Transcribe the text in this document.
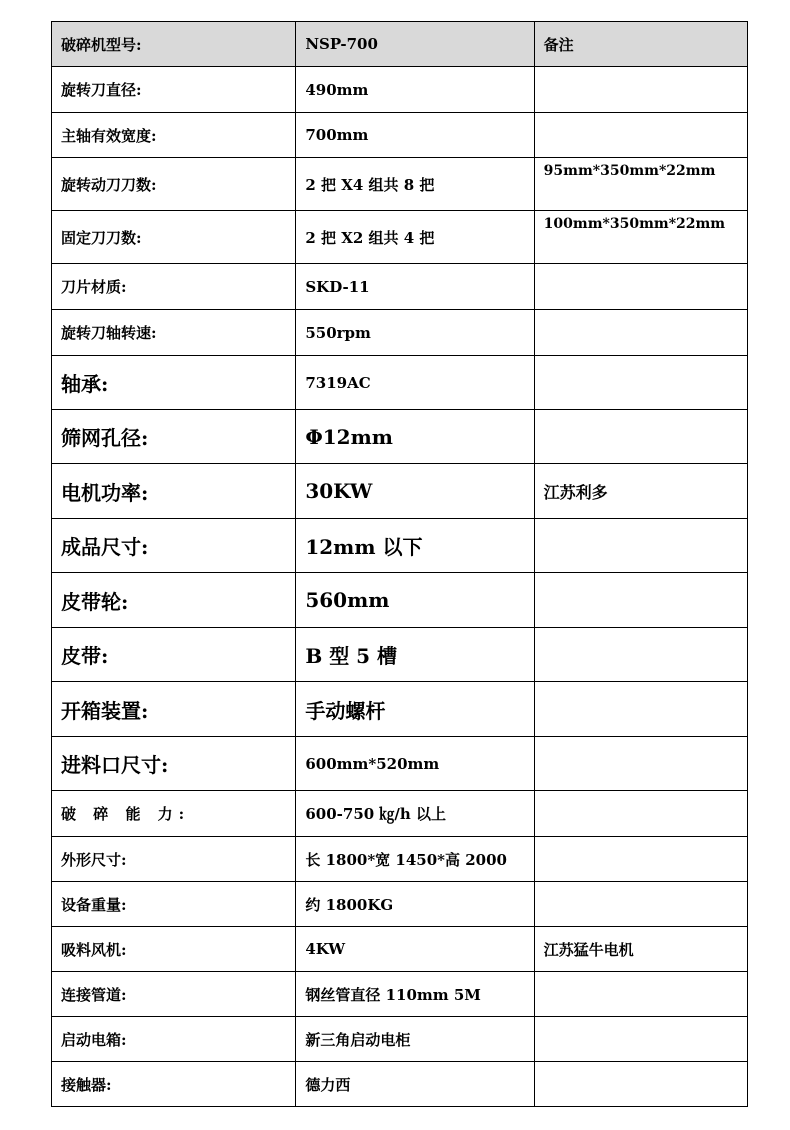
破碎机型号:	NSP-700	备注
旋转刀直径:	490mm	
主轴有效宽度:	700mm	
旋转动刀刀数:	2 把 X4 组共 8 把	95mm*350mm*22mm
固定刀刀数:	2 把 X2 组共 4 把	100mm*350mm*22mm
刀片材质:	SKD-11	
旋转刀轴转速:	550rpm	
轴承:	7319AC	
筛网孔径:	Φ12mm	
电机功率:	30KW	江苏利多
成品尺寸:	12mm 以下	
皮带轮:	560mm	
皮带:	B 型 5 槽	
开箱装置:	手动螺杆	
进料口尺寸:	600mm*520mm	
破 碎 能 力:	600-750 ㎏/h 以上	
外形尺寸:	长 1800*宽 1450*高 2000	
设备重量:	约 1800KG	
吸料风机:	4KW	江苏猛牛电机
连接管道:	钢丝管直径 110mm 5M	
启动电箱:	新三角启动电柜	
接触器:	德力西	
